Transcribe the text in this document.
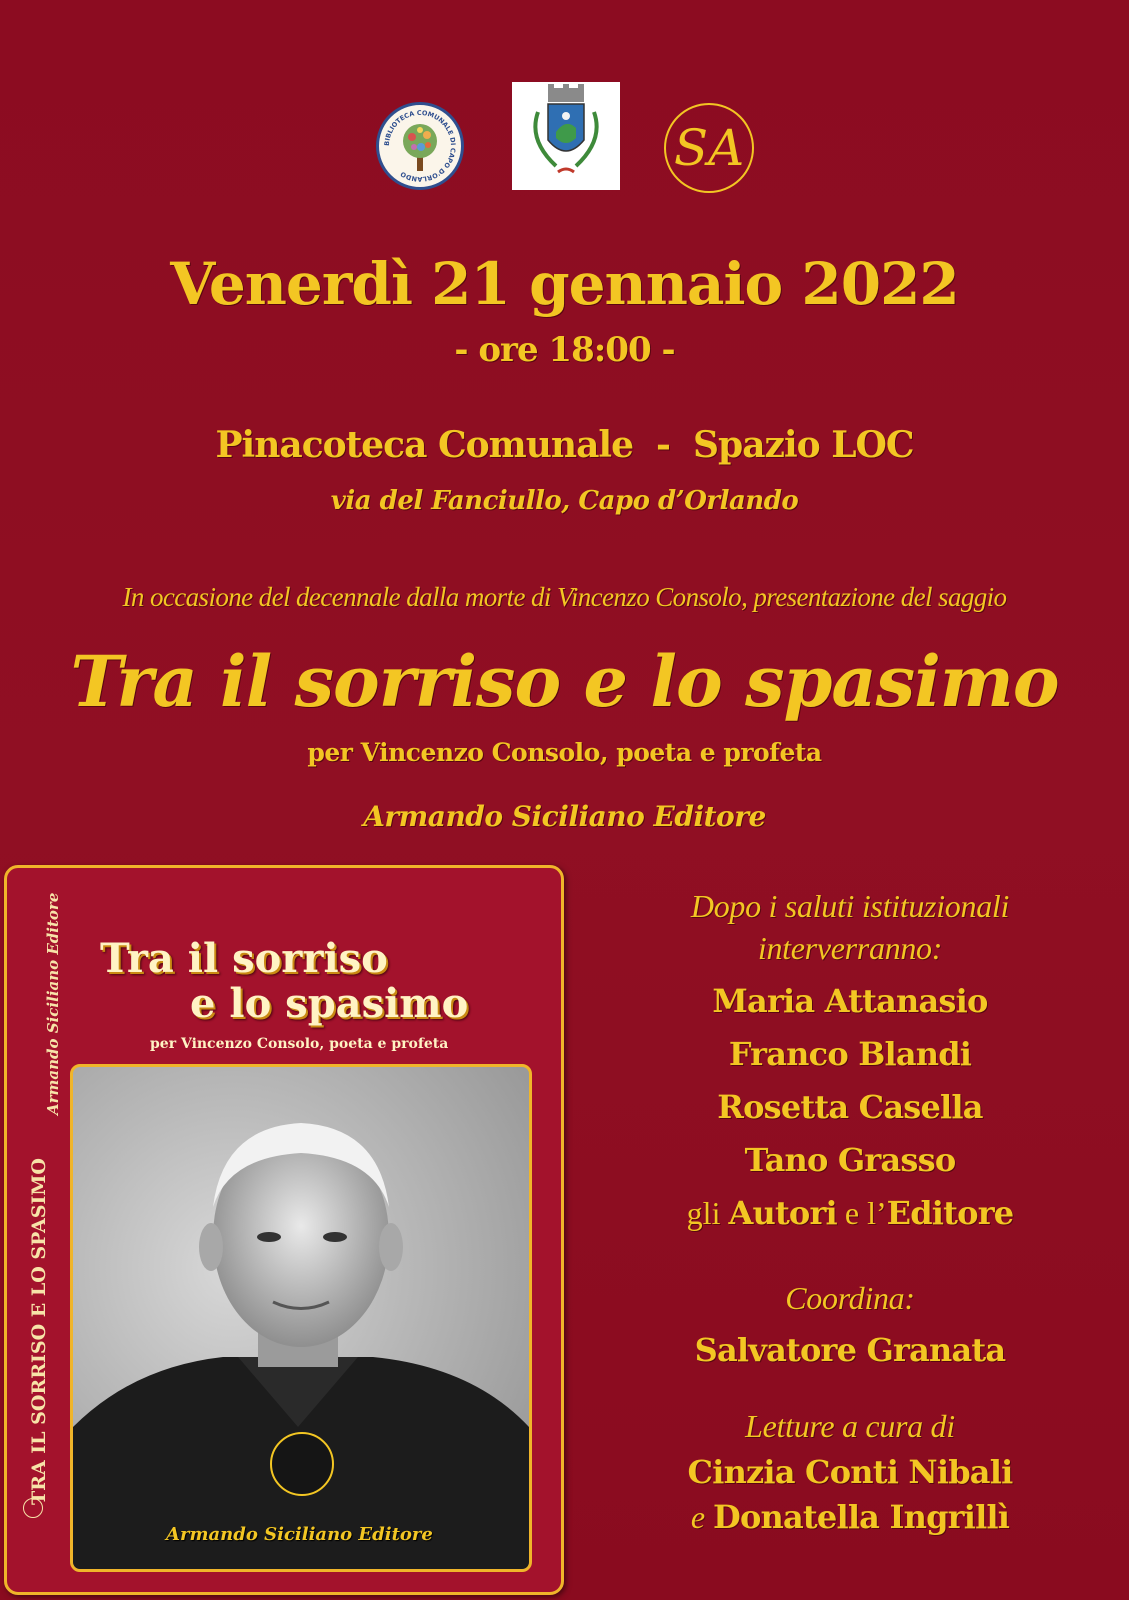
BIBLIOTECA COMUNALE DI CAPO D'ORLANDO	SA
Venerdì 21 gennaio 2022
- ore 18:00 -
Pinacoteca Comunale  -  Spazio LOC
via del Fanciullo, Capo d’Orlando
In occasione del decennale dalla morte di Vincenzo Consolo, presentazione del saggio
Tra il sorriso e lo spasimo
per Vincenzo Consolo, poeta e profeta
Armando Siciliano Editore
TRA IL SORRISO E LO SPASIMO
Armando Siciliano Editore Tra il sorriso
e lo spasimo
per Vincenzo Consolo, poeta e profeta
Armando Siciliano Editore
Dopo i saluti istituzionali
interverranno:
Maria Attanasio
Franco Blandi
Rosetta Casella
Tano Grasso
gli Autori e l’Editore
Coordina:
Salvatore Granata
Letture a cura di
Cinzia Conti Nibali
e Donatella Ingrillì
